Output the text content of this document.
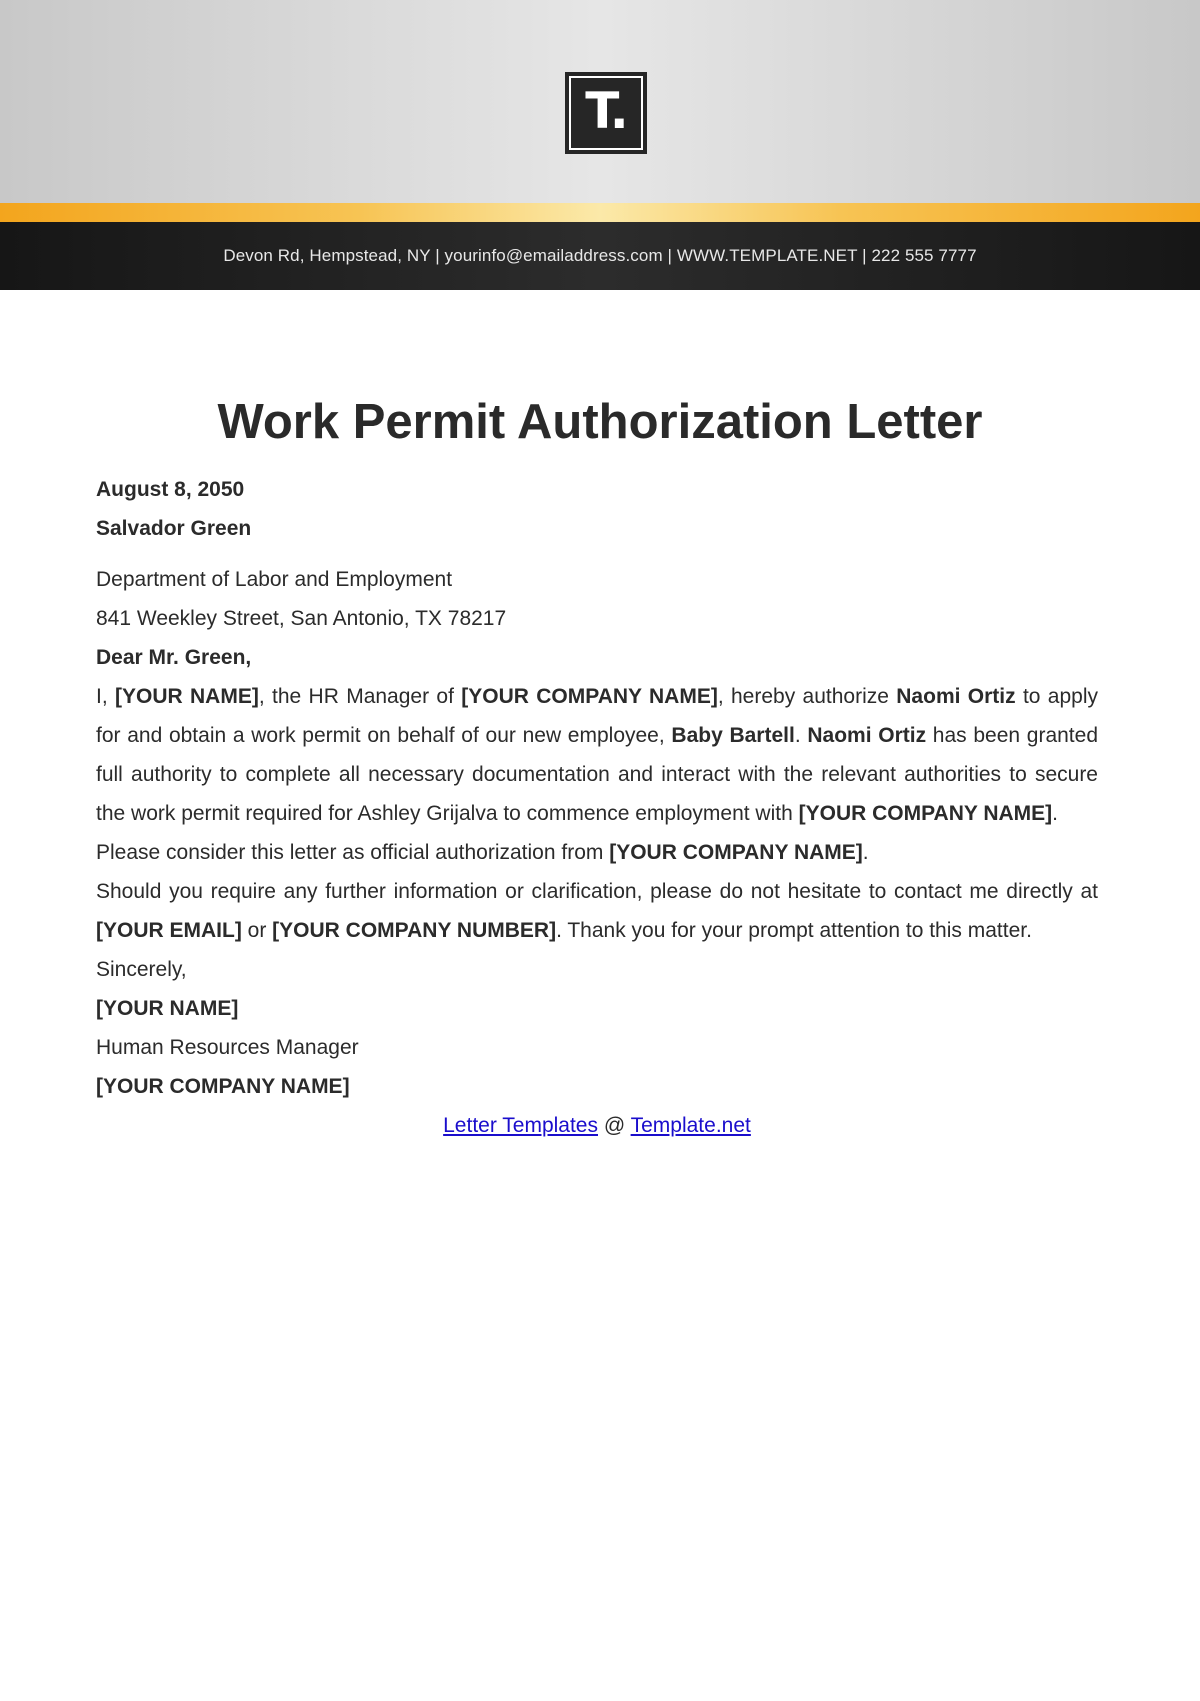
T.
Devon Rd, Hempstead, NY | yourinfo@emailaddress.com | WWW.TEMPLATE.NET | 222 555 7777
Work Permit Authorization Letter

August 8, 2050

Salvador Green

Department of Labor and Employment

841 Weekley Street, San Antonio, TX 78217

Dear Mr. Green,

I, [YOUR NAME], the HR Manager of [YOUR COMPANY NAME], hereby authorize Naomi Ortiz to apply for and obtain a work permit on behalf of our new employee, Baby Bartell. Naomi Ortiz has been granted full authority to complete all necessary documentation and interact with the relevant authorities to secure the work permit required for Ashley Grijalva to commence employment with [YOUR COMPANY NAME].

Please consider this letter as official authorization from [YOUR COMPANY NAME].

Should you require any further information or clarification, please do not hesitate to contact me directly at [YOUR EMAIL] or [YOUR COMPANY NUMBER]. Thank you for your prompt attention to this matter.

Sincerely,

[YOUR NAME]

Human Resources Manager

[YOUR COMPANY NAME]

Letter Templates @ Template.net
